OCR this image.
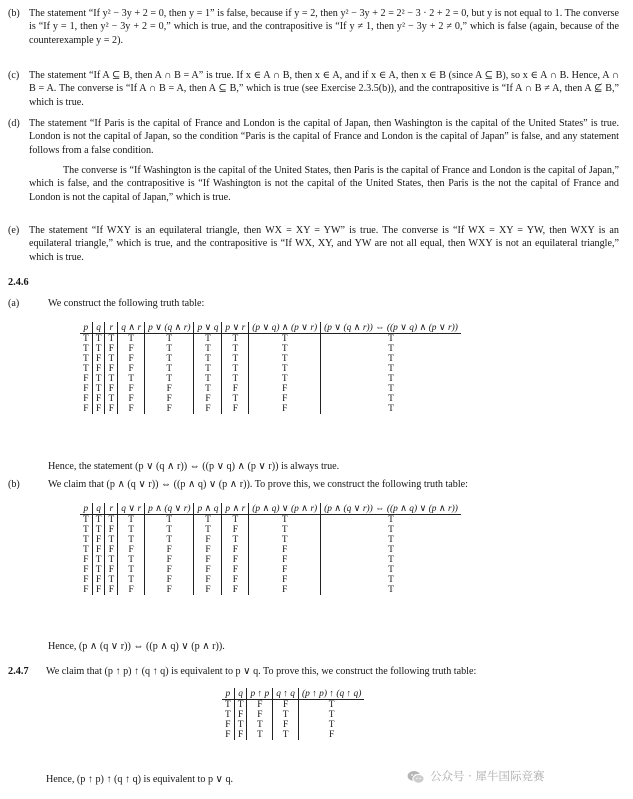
(b) The statement “If y² − 3y + 2 = 0, then y = 1” is false, because if y = 2, then y² − 3y + 2 = 2² − 3 · 2 + 2 = 0, but y is not equal to 1. The converse is “If y = 1, then y² − 3y + 2 = 0,” which is true, and the contrapositive is “If y ≠ 1, then y² − 3y + 2 ≠ 0,” which is false (again, because of the counterexample y = 2).
(c) The statement “If A ⊆ B, then A ∩ B = A” is true. If x ∈ A ∩ B, then x ∈ A, and if x ∈ A, then x ∈ B (since A ⊆ B), so x ∈ A ∩ B. Hence, A ∩ B = A. The converse is “If A ∩ B = A, then A ⊆ B,” which is true (see Exercise 2.3.5(b)), and the contrapositive is “If A ∩ B ≠ A, then A ⊈ B,” which is true.
(d) The statement “If Paris is the capital of France and London is the capital of Japan, then Washington is the capital of the United States” is true. London is not the capital of Japan, so the condition “Paris is the capital of France and London is the capital of Japan” is false, and any statement follows from a false condition.
The converse is “If Washington is the capital of the United States, then Paris is the capital of France and London is the capital of Japan,” which is false, and the contrapositive is “If Washington is not the capital of the United States, then Paris is the not the capital of France and London is not the capital of Japan,” which is true.
(e) The statement “If WXY is an equilateral triangle, then WX = XY = YW” is true. The converse is “If WX = XY = YW, then WXY is an equilateral triangle,” which is true, and the contrapositive is “If WX, XY, and YW are not all equal, then WXY is not an equilateral triangle,” which is true.
2.4.6
(a)	We construct the following truth table:
p	q	r	q ∧ r	p ∨ (q ∧ r)	p ∨ q	p ∨ r	(p ∨ q) ∧ (p ∨ r)	(p ∨ (q ∧ r)) ⇔ ((p ∨ q) ∧ (p ∨ r))
T	T	T	T	T	T	T	T	T
T	T	F	F	T	T	T	T	T
T	F	T	F	T	T	T	T	T
T	F	F	F	T	T	T	T	T
F	T	T	T	T	T	T	T	T
F	T	F	F	F	T	F	F	T
F	F	T	F	F	F	T	F	T
F	F	F	F	F	F	F	F	T
Hence, the statement (p ∨ (q ∧ r)) ⇔ ((p ∨ q) ∧ (p ∨ r)) is always true.
(b)	We claim that (p ∧ (q ∨ r)) ⇔ ((p ∧ q) ∨ (p ∧ r)). To prove this, we construct the following truth table:
p	q	r	q ∨ r	p ∧ (q ∨ r)	p ∧ q	p ∧ r	(p ∧ q) ∨ (p ∧ r)	(p ∧ (q ∨ r)) ⇔ ((p ∧ q) ∨ (p ∧ r))
T	T	T	T	T	T	T	T	T
T	T	F	T	T	T	F	T	T
T	F	T	T	T	F	T	T	T
T	F	F	F	F	F	F	F	T
F	T	T	T	F	F	F	F	T
F	T	F	T	F	F	F	F	T
F	F	T	T	F	F	F	F	T
F	F	F	F	F	F	F	F	T
Hence, (p ∧ (q ∨ r)) ⇔ ((p ∧ q) ∨ (p ∧ r)).
2.4.7 We claim that (p ↑ p) ↑ (q ↑ q) is equivalent to p ∨ q. To prove this, we construct the following truth table:
p	q	p ↑ p	q ↑ q	(p ↑ p) ↑ (q ↑ q)
T	T	F	F	T
T	F	F	T	T
F	T	T	F	T
F	F	T	T	F
Hence, (p ↑ p) ↑ (q ↑ q) is equivalent to p ∨ q.	公众号 · 犀牛国际竞赛
